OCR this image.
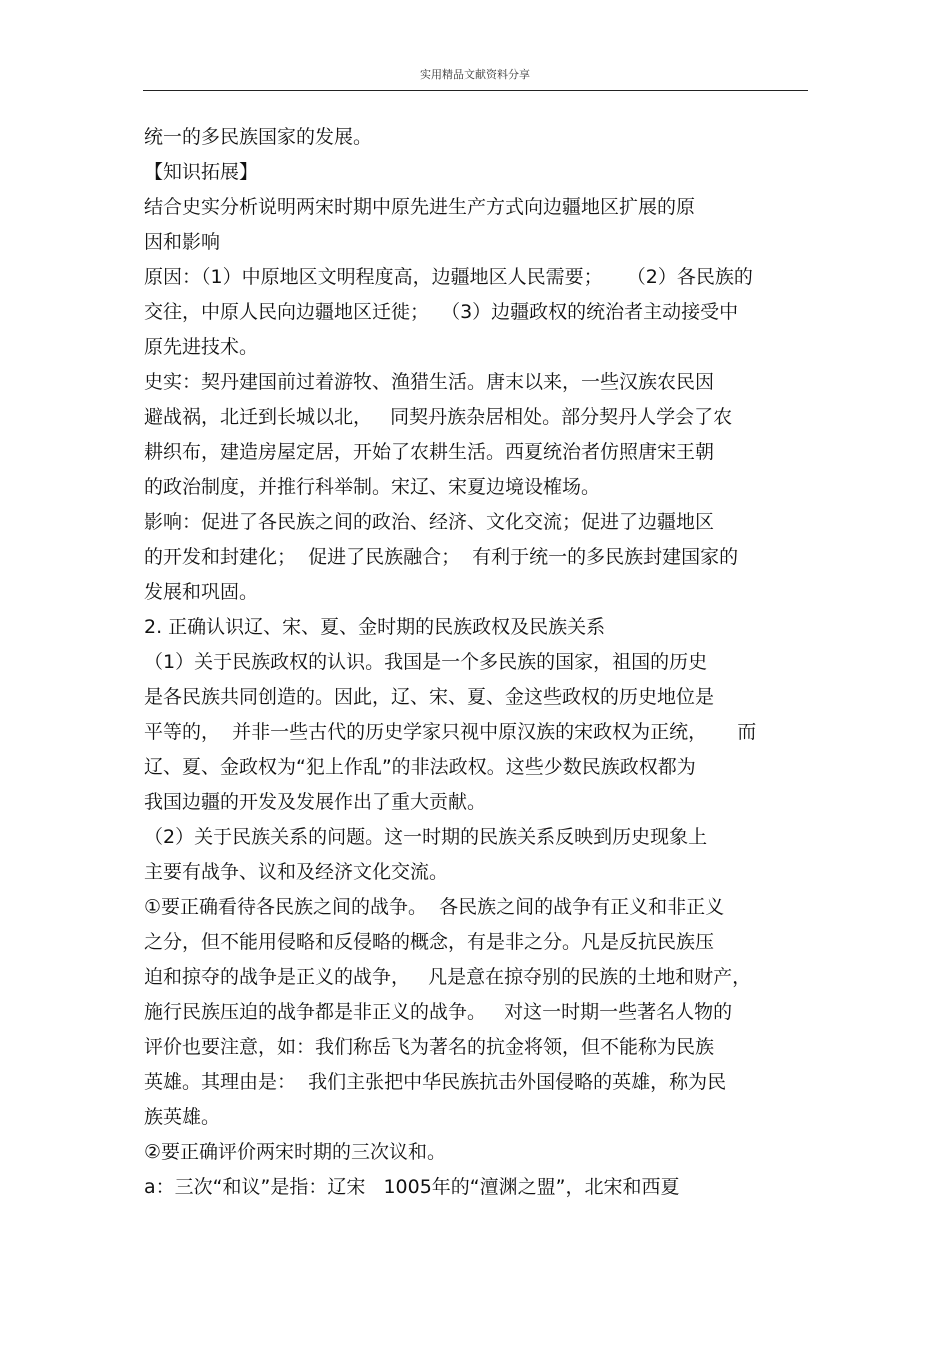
实用精品文献资料分享
统一的多民族国家的发展。
【知识拓展】
结合史实分析说明两宋时期中原先进生产方式向边疆地区扩展的原
因和影响
原因：（1）中原地区文明程度高，边疆地区人民需要；    （2）各民族的
交往，中原人民向边疆地区迁徙；  （3）边疆政权的统治者主动接受中
原先进技术。
史实：契丹建国前过着游牧、渔猎生活。唐末以来，一些汉族农民因
避战祸，北迁到长城以北，   同契丹族杂居相处。部分契丹人学会了农
耕织布，建造房屋定居，开始了农耕生活。西夏统治者仿照唐宋王朝
的政治制度，并推行科举制。宋辽、宋夏边境设榷场。
影响：促进了各民族之间的政治、经济、文化交流；促进了边疆地区
的开发和封建化；  促进了民族融合；  有利于统一的多民族封建国家的
发展和巩固。
2. 正确认识辽、宋、夏、金时期的民族政权及民族关系
（1）关于民族政权的认识。我国是一个多民族的国家，祖国的历史
是各民族共同创造的。因此，辽、宋、夏、金这些政权的历史地位是
平等的，  并非一些古代的历史学家只视中原汉族的宋政权为正统，     而
辽、夏、金政权为“犯上作乱”的非法政权。这些少数民族政权都为
我国边疆的开发及发展作出了重大贡献。
（2）关于民族关系的问题。这一时期的民族关系反映到历史现象上
主要有战争、议和及经济文化交流。
①要正确看待各民族之间的战争。  各民族之间的战争有正义和非正义
之分，但不能用侵略和反侵略的概念，有是非之分。凡是反抗民族压
迫和掠夺的战争是正义的战争，   凡是意在掠夺别的民族的土地和财产，
施行民族压迫的战争都是非正义的战争。   对这一时期一些著名人物的
评价也要注意，如：我们称岳飞为著名的抗金将领，但不能称为民族
英雄。其理由是：  我们主张把中华民族抗击外国侵略的英雄，称为民
族英雄。
②要正确评价两宋时期的三次议和。
a：三次“和议”是指：辽宋   1005年的“澶渊之盟”，北宋和西夏
